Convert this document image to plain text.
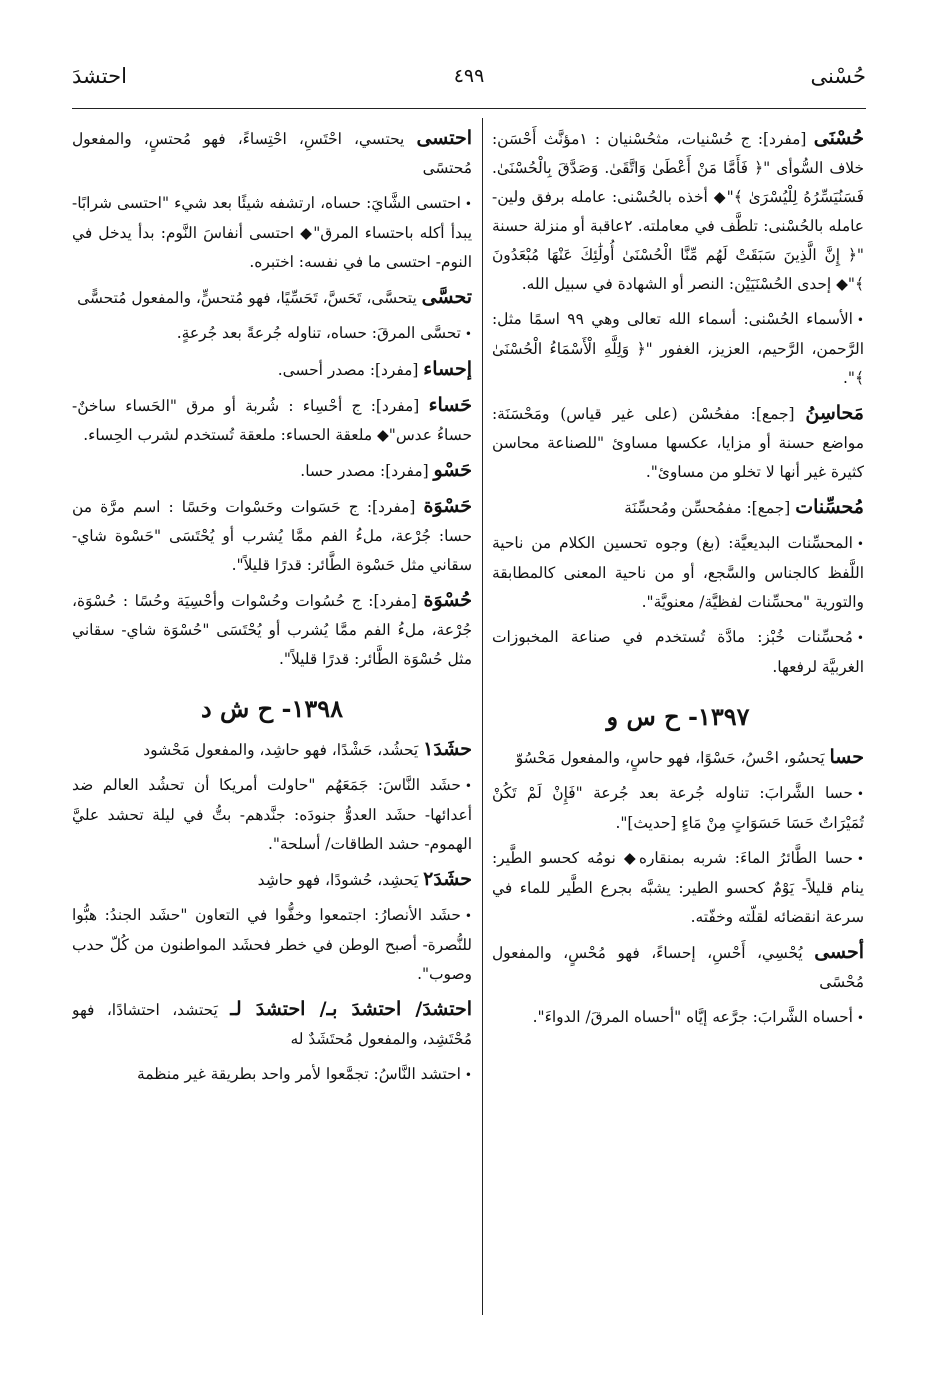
حُسْنى
٤٩٩
احتشدَ

حُسْنَى [مفرد]: ج حُسْنيات، مثحُسْنيان : ١مؤنَّث أَحْسَن: خلاف السُّوأى "﴿ فَأَمَّا مَنْ أَعْطَىٰ وَاتَّقَىٰ. وَصَدَّقَ بِالْحُسْنَىٰ. فَسَنُيَسِّرُهُ لِلْيُسْرَىٰ ﴾"◆ أخذه بالحُسْنى: عامله برفق ولين- عامله بالحُسْنى: تلطَّف في معاملته. ٢عاقبة أو منزلة حسنة "﴿ إِنَّ الَّذِينَ سَبَقَتْ لَهُم مِّنَّا الْحُسْنَىٰ أُولَٰئِكَ عَنْهَا مُبْعَدُونَ ﴾"◆ إحدى الحُسْنَيَيْن: النصر أو الشهادة في سبيل الله.

•الأسماء الحُسْنى: أسماء الله تعالى وهي ٩٩ اسمًا مثل: الرَّحمن، الرَّحيم، العزيز، الغفور "﴿ وَلِلَّهِ الْأَسْمَاءُ الْحُسْنَىٰ ﴾".

مَحاسِنُ [جمع]: مفحُسْن (على غير قياس) ومَحْسَنَة: مواضع حسنة أو مزايا، عكسها مساوئ "للصناعة محاسن كثيرة غير أنها لا تخلو من مساوئ".

مُحسِّنات [جمع]: مفمُحسِّن ومُحسِّنَة

•المحسِّنات البديعيَّة: (بغ) وجوه تحسين الكلام من ناحية اللَّفظ كالجناس والسَّجع، أو من ناحية المعنى كالمطابقة والتورية "محسِّنات لفظيَّة/ معنويَّة".

•مُحسِّنات خُبْز: مادَّة تُستخدم في صناعة المخبوزات الغربيَّة لرفعها.

١٣٩٧- ح س و

حسا يَحسُو، احْسُ، حَسْوًا، فهو حاسٍ، والمفعول مَحْسُوّ

•حسا الشَّرابَ: تناوله جُرعة بعد جُرعة "فَإِنْ لَمْ تَكُنْ تُمَيْرَاتٌ حَسَا حَسَوَاتٍ مِنْ مَاءٍ [حديث]".

•حسا الطَّائرُ الماءَ: شربه بمنقاره◆ نومُه كحسو الطَّير: ينام قليلاً- يَوْمٌ كحسو الطير: يشبَّه بجرع الطَّير للماء في سرعة انقضائه لقلّته وخفّته.

أحسى يُحْسِي، أَحْسِ، إحساءً، فهو مُحْسٍ، والمفعول مُحْسًى

•أحساه الشَّرابَ: جرَّعه إيَّاه "أحساه المرقَ/ الدواءَ".

احتسى يحتسي، احْتَسِ، احْتِساءً، فهو مُحتسٍ، والمفعول مُحتسًى

•احتسى الشَّايَ: حساه، ارتشفه شيئًا بعد شيء "احتسى شرابًا- يبدأ أكله باحتساء المرق"◆ احتسى أنفاسَ النَّوم: بدأ يدخل في النوم- احتسى ما في نفسه: اختبره.

تحسَّى يتحسَّى، تَحَسَّ، تَحَسِّيًا، فهو مُتحسٍّ، والمفعول مُتحسًّى

•تحسَّى المرقَ: حساه، تناوله جُرعةً بعد جُرعةٍ.

إحساء [مفرد]: مصدر أحسى.

حَساء [مفرد]: ج أحْسِاء : شُربة أو مرق "الحَساء ساخنٌ- حساءُ عدس"◆ ملعقة الحساء: ملعقة تُستخدم لشرب الحِساء.

حَسْو [مفرد]: مصدر حسا.

حَسْوَة [مفرد]: ج حَسَوات وحَسْوات وحَسًا : اسم مرَّة من حسا: جُرْعة، ملءُ الفم ممَّا يُشرب أو يُحْتَسَى "حَسْوة شاي- سقاني مثل حَسْوة الطَّائر: قدرًا قليلاً".

حُسْوَة [مفرد]: ج حُسُوات وحُسْوات وأحْسِيَة وحُسًا : حُسْوَة، جُرْعة، ملءُ الفم ممَّا يُشرب أو يُحْتَسَى "حُسْوَة شاي- سقاني مثل حُسْوَة الطَّائر: قدرًا قليلاً".

١٣٩٨- ح ش د

حشَدَ١ يَحشُد، حَشْدًا، فهو حاشِد، والمفعول مَحْشود

•حشَد النَّاسَ: جَمَعَهُم "حاولت أمريكا أن تحشُد العالم ضد أعدائها- حشَد العدوُّ جنودَه: جنَّدهم- بتُّ في ليلة تحشد عليَّ الهموم- حشد الطاقات/ أسلحة".

حشَدَ٢ يَحشِد، حُشودًا، فهو حاشِد

•حشَد الأنصارُ: اجتمعوا وخفُّوا في التعاون "حشَد الجندُ: هبُّوا للنُّصرة- أصبح الوطن في خطر فحشَد المواطنون من كُلّ حدب وصوب".

احتشدَ/ احتشدَ بـ/ احتشدَ لـ يَحتشد، احتشادًا، فهو مُحْتَشِد، والمفعول مُحتَشَدٌ له

•احتشد النَّاسُ: تجمَّعوا لأمر واحد بطريقة غير منظمة
